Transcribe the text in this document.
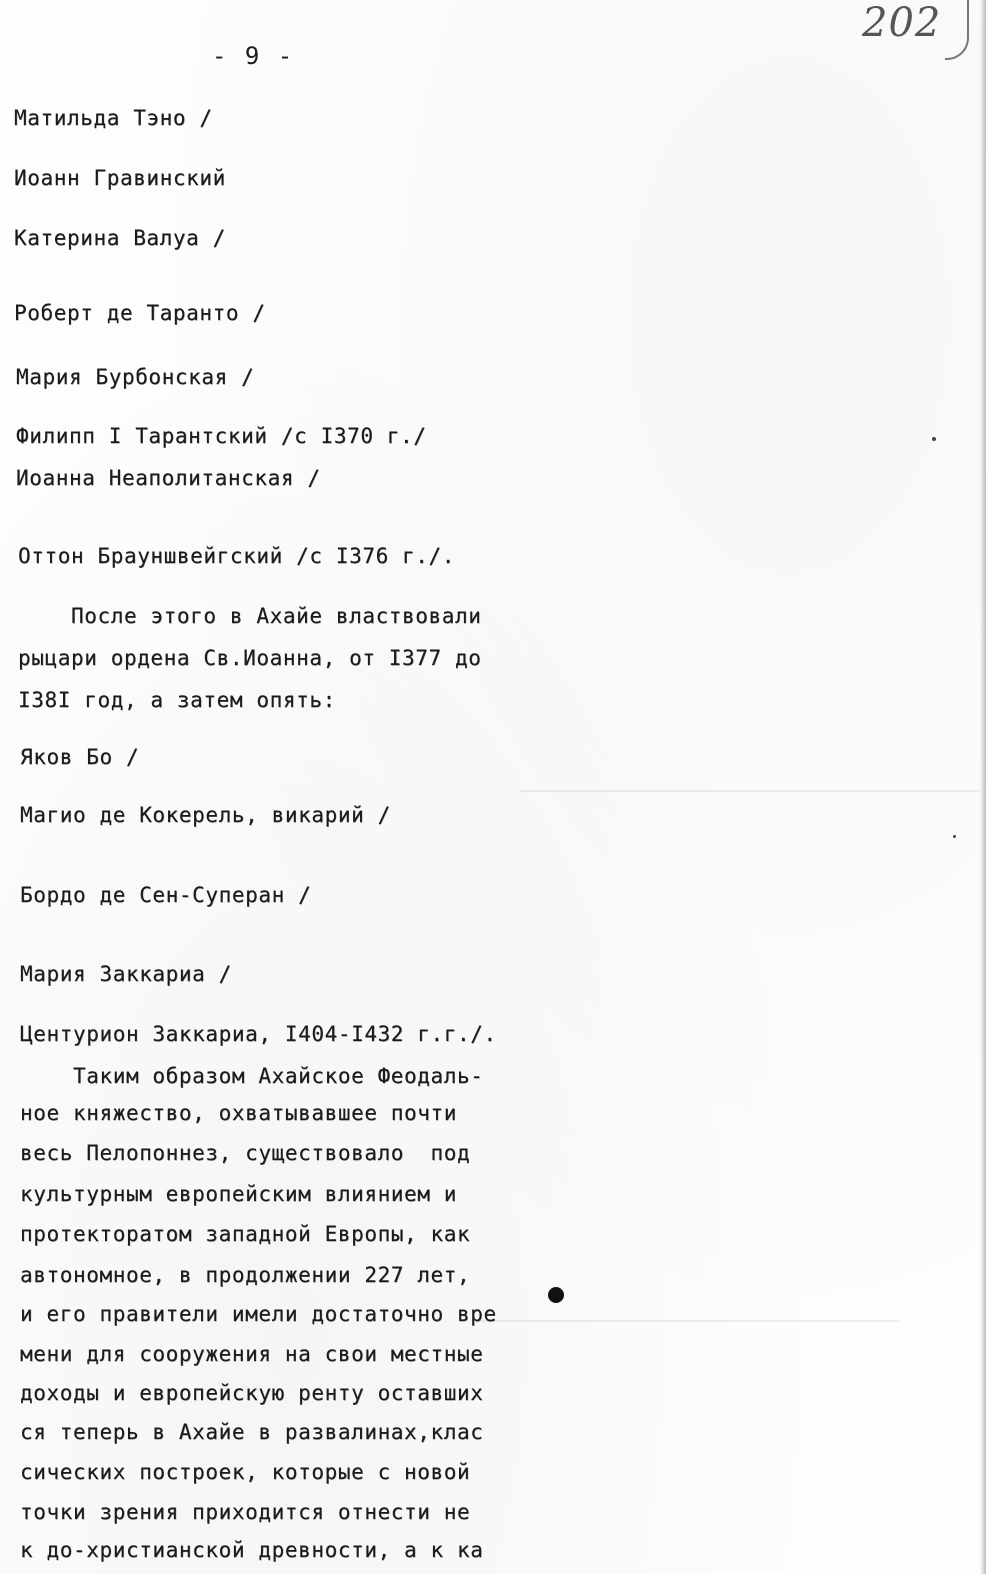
- 9 -
202
Матильда Тэно /
Иоанн Гравинский
Катерина Валуа /
Роберт де Таранто /
Мария Бурбонская /
Филипп I Тарантский /с I370 г./
Иоанна Неаполитанская /
Оттон Брауншвейгский /с I376 г./.
После этого в Ахайе властвовали
рыцари ордена Св.Иоанна, от I377 до
I38I год, а затем опять:
Яков Бо /
Магио де Кокерель, викарий /
Бордо де Сен-Суперан /
Мария Заккариа /
Центурион Заккариа, I404-I432 г.г./.
Таким образом Ахайское Феодаль-
ное княжество, охватывавшее почти
весь Пелопоннез, существовало  под
культурным европейским влиянием и
протекторатом западной Европы, как
автономное, в продолжении 227 лет,
и его правители имели достаточно вре
мени для сооружения на свои местные
доходы и европейскую ренту оставших
ся теперь в Ахайе в развалинах,клас
сических построек, которые с новой
точки зрения приходится отнести не
к до-христианской древности, а к ка
